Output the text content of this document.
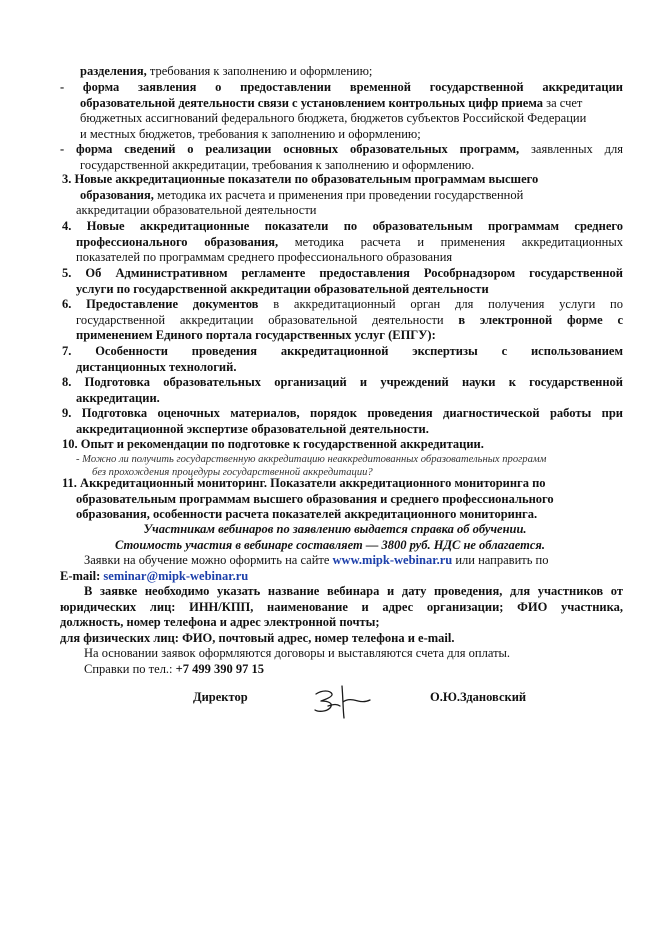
разделения, требования к заполнению и оформлению;
- форма заявления о предоставлении временной государственной аккредитации
образовательной деятельности связи с установлением контрольных цифр приема за счет
бюджетных ассигнований федерального бюджета, бюджетов субъектов Российской Федерации
и местных бюджетов, требования к заполнению и оформлению;
- форма сведений о реализации основных образовательных программ, заявленных для
государственной аккредитации, требования к заполнению и оформлению.
3. Новые аккредитационные показатели по образовательным программам высшего
образования, методика их расчета и применения при проведении государственной
аккредитации образовательной деятельности
4. Новые аккредитационные показатели по образовательным программам среднего
профессионального образования, методика расчета и применения аккредитационных
показателей по программам среднего профессионального образования
5. Об Административном регламенте предоставления Рособрнадзором государственной
услуги по государственной аккредитации образовательной деятельности
6. Предоставление документов в аккредитационный орган для получения услуги по
государственной аккредитации образовательной деятельности в электронной форме с
применением Единого портала государственных услуг (ЕПГУ):
7. Особенности проведения аккредитационной экспертизы с использованием
дистанционных технологий.
8. Подготовка образовательных организаций и учреждений науки к государственной
аккредитации.
9. Подготовка оценочных материалов, порядок проведения диагностической работы при
аккредитационной экспертизе образовательной деятельности.
10. Опыт и рекомендации по подготовке к государственной аккредитации.
- Можно ли получить государственную аккредитацию неаккредитованных образовательных программ
без прохождения процедуры государственной аккредитации?
11. Аккредитационный мониторинг. Показатели аккредитационного мониторинга по
образовательным программам высшего образования и среднего профессионального
образования, особенности расчета показателей аккредитационного мониторинга.
Участникам вебинаров по заявлению выдается справка об обучении.
Стоимость участия в вебинаре составляет — 3800 руб. НДС не облагается.
Заявки на обучение можно оформить на сайте www.mipk-webinar.ru или направить по
E-mail: seminar@mipk-webinar.ru
В заявке необходимо указать название вебинара и дату проведения, для участников от
юридических лиц: ИНН/КПП, наименование и адрес организации; ФИО участника,
должность, номер телефона и адрес электронной почты;
для физических лиц: ФИО, почтовый адрес, номер телефона и e-mail.
На основании заявок оформляются договоры и выставляются счета для оплаты.
Справки по тел.: +7 499 390 97 15
Директор	О.Ю.Здановский
